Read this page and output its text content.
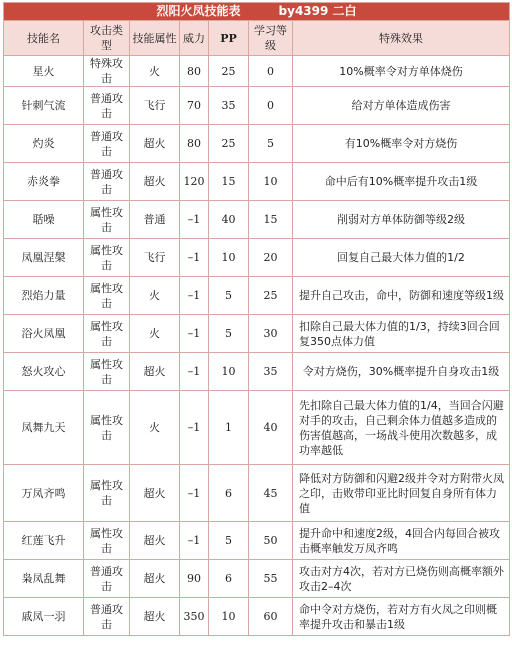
烈阳火凤技能表 by4399 二白						
技能名	攻击类型	技能属性	威力	PP	学习等级	特殊效果
星火	特殊攻击	火	80	25	0	10%概率令对方单体烧伤
针刺气流	普通攻击	飞行	70	35	0	给对方单体造成伤害
灼炎	普通攻击	超火	80	25	5	有10%概率令对方烧伤
赤炎拳	普通攻击	超火	120	15	10	命中后有10%概率提升攻击1级
聒噪	属性攻击	普通	–1	40	15	削弱对方单体防御等级2级
凤凰涅槃	属性攻击	飞行	–1	10	20	回复自己最大体力值的1/2
烈焰力量	属性攻击	火	–1	5	25	提升自己攻击，命中，防御和速度等级1级
浴火凤凰	属性攻击	火	–1	5	30	扣除自己最大体力值的1/3，持续3回合回复350点体力值
怒火攻心	属性攻击	超火	–1	10	35	令对方烧伤，30%概率提升自身攻击1级
凤舞九天	属性攻击	火	–1	1	40	先扣除自己最大体力值的1/4，当回合闪避对手的攻击，自己剩余体力值越多造成的伤害值越高，一场战斗使用次数越多，成功率越低
万凤齐鸣	属性攻击	超火	–1	6	45	降低对方防御和闪避2级并令对方附带火凤之印，击败带印亚比时回复自身所有体力值
红莲飞升	属性攻击	超火	–1	5	50	提升命中和速度2级，4回合内每回合被攻击概率触发万凤齐鸣
枭凤乱舞	普通攻击	超火	90	6	55	攻击对方4次，若对方已烧伤则高概率额外攻击2–4次
戚凤一羽	普通攻击	超火	350	10	60	命中令对方烧伤，若对方有火凤之印则概率提升攻击和暴击1级
